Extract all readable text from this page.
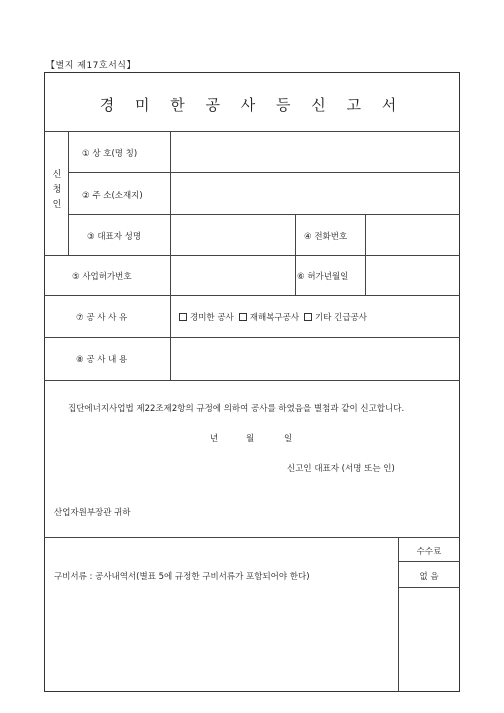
【별지 제17호서식】
경 미 한 공 사 등 신 고 서
신
청
인
① 상 호(명 칭)
② 주 소(소재지)
③ 대표자 성명	④ 전화번호
⑤ 사업허가번호	⑥ 허가년월일
⑦ 공 사 사 유	경미한 공사 재해복구공사 기타 긴급공사
⑧ 공 사 내 용
집단에너지사업법 제22조제2항의 규정에 의하여 공사를 하였음을 별첨과 같이 신고합니다.
년	월	일
신고인 대표자 (서명 또는 인)
산업자원부장관 귀하
구비서류 : 공사내역서(별표 5에 규정한 구비서류가 포함되어야 한다)
수수료
없 음
